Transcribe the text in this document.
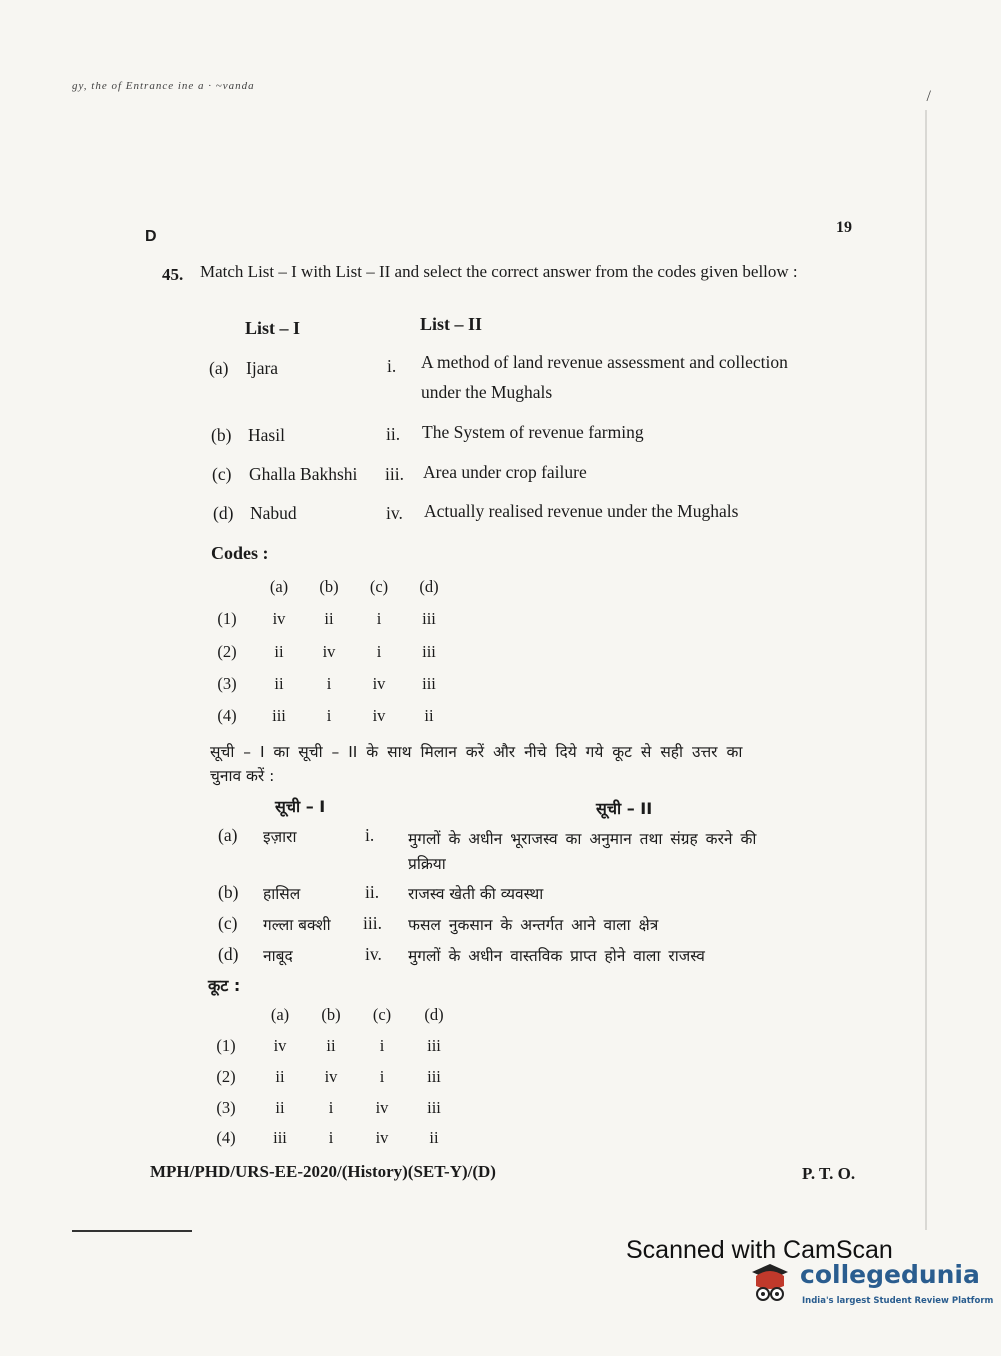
gy, the of Entrance ine a · ~vanda
/
D
19
45. Match List – I with List – II and select the correct answer from the codes given bellow :
List – I	List – II
(a) Ijara	i. A method of land revenue assessment and collection
under the Mughals
(b) Hasil	ii. The System of revenue farming
(c) Ghalla Bakhshi iii. Area under crop failure
(d) Nabud	iv. Actually realised revenue under the Mughals
Codes :
(a)	(b)	(c)	(d)
(1)	iv	ii	i	iii
(2)	ii	iv	i	iii
(3)	ii	i	iv	iii
(4)	iii	i	iv	ii
सूची – I का सूची – II के साथ मिलान करें और नीचे दिये गये कूट से सही उत्तर का
चुनाव करें :
सूची – I	सूची – II
(a) इज़ारा	i. मुगलों के अधीन भूराजस्व का अनुमान तथा संग्रह करने की
प्रक्रिया
(b) हासिल	ii. राजस्व खेती की व्यवस्था
(c) गल्ला बक्शी iii. फसल नुकसान के अन्तर्गत आने वाला क्षेत्र
(d) नाबूद	iv. मुगलों के अधीन वास्तविक प्राप्त होने वाला राजस्व
कूट :
(a)	(b)	(c)	(d)
(1)	iv	ii	i	iii
(2)	ii	iv	i	iii
(3)	ii	i	iv	iii
(4)	iii	i	iv	ii
MPH/PHD/URS-EE-2020/(History)(SET-Y)/(D)	P. T. O.
Scanned with CamScan
collegedunia
India's largest Student Review Platform
